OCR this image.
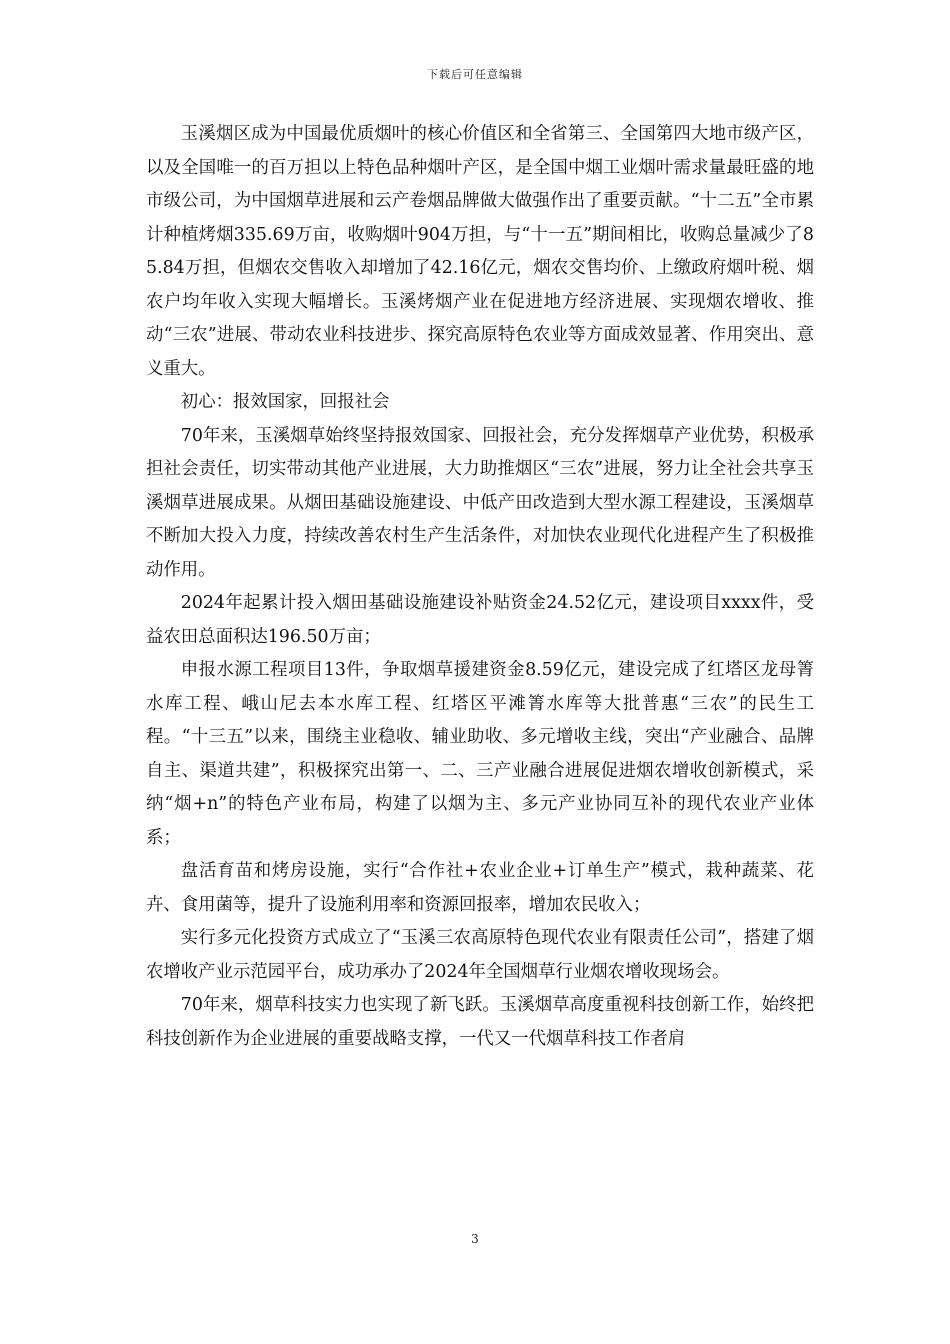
下载后可任意编辑

玉溪烟区成为中国最优质烟叶的核心价值区和全省第三、全国第四大地市级产区，以及全国唯一的百万担以上特色品种烟叶产区，是全国中烟工业烟叶需求量最旺盛的地市级公司，为中国烟草进展和云产卷烟品牌做大做强作出了重要贡献。“十二五”全市累计种植烤烟335.69万亩，收购烟叶904万担，与“十一五”期间相比，收购总量减少了85.84万担，但烟农交售收入却增加了42.16亿元，烟农交售均价、上缴政府烟叶税、烟农户均年收入实现大幅增长。玉溪烤烟产业在促进地方经济进展、实现烟农增收、推动“三农”进展、带动农业科技进步、探究高原特色农业等方面成效显著、作用突出、意义重大。

初心：报效国家，回报社会

70年来，玉溪烟草始终坚持报效国家、回报社会，充分发挥烟草产业优势，积极承担社会责任，切实带动其他产业进展，大力助推烟区“三农”进展，努力让全社会共享玉溪烟草进展成果。从烟田基础设施建设、中低产田改造到大型水源工程建设，玉溪烟草不断加大投入力度，持续改善农村生产生活条件，对加快农业现代化进程产生了积极推动作用。

2024年起累计投入烟田基础设施建设补贴资金24.52亿元，建设项目xxxx件，受益农田总面积达196.50万亩；

申报水源工程项目13件，争取烟草援建资金8.59亿元，建设完成了红塔区龙母箐水库工程、峨山尼去本水库工程、红塔区平滩箐水库等大批普惠“三农”的民生工程。“十三五”以来，围绕主业稳收、辅业助收、多元增收主线，突出“产业融合、品牌自主、渠道共建”，积极探究出第一、二、三产业融合进展促进烟农增收创新模式，采纳“烟+n”的特色产业布局，构建了以烟为主、多元产业协同互补的现代农业产业体系；

盘活育苗和烤房设施，实行“合作社+农业企业+订单生产”模式，栽种蔬菜、花卉、食用菌等，提升了设施利用率和资源回报率，增加农民收入；

实行多元化投资方式成立了“玉溪三农高原特色现代农业有限责任公司”，搭建了烟农增收产业示范园平台，成功承办了2024年全国烟草行业烟农增收现场会。

70年来，烟草科技实力也实现了新飞跃。玉溪烟草高度重视科技创新工作，始终把科技创新作为企业进展的重要战略支撑，一代又一代烟草科技工作者肩

3
